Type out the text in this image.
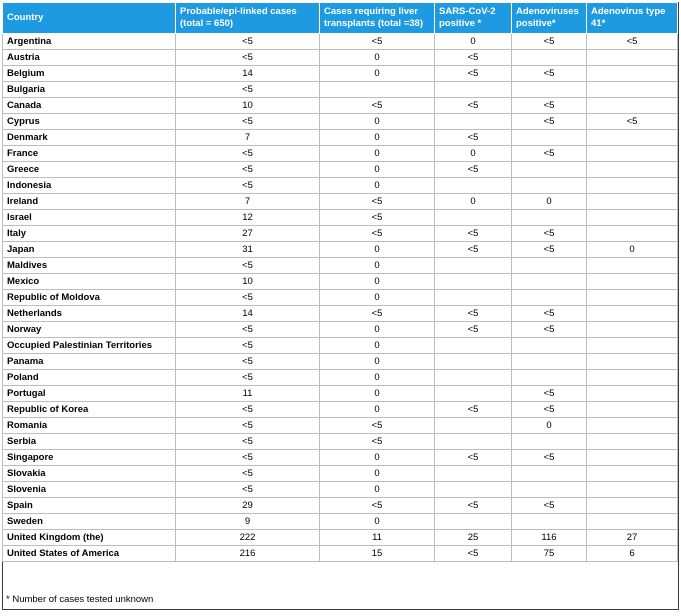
Country	Probable/epi-linked cases (total = 650)	Cases requiring liver transplants (total =38)	SARS-CoV-2 positive *	Adenoviruses positive*	Adenovirus type 41*
Argentina	<5	<5	0	<5	<5
Austria	<5	0	<5		
Belgium	14	0	<5	<5	
Bulgaria	<5				
Canada	10	<5	<5	<5	
Cyprus	<5	0		<5	<5
Denmark	7	0	<5		
France	<5	0	0	<5	
Greece	<5	0	<5		
Indonesia	<5	0			
Ireland	7	<5	0	0	
Israel	12	<5			
Italy	27	<5	<5	<5	
Japan	31	0	<5	<5	0
Maldives	<5	0			
Mexico	10	0			
Republic of Moldova	<5	0			
Netherlands	14	<5	<5	<5	
Norway	<5	0	<5	<5	
Occupied Palestinian Territories	<5	0			
Panama	<5	0			
Poland	<5	0			
Portugal	11	0		<5	
Republic of Korea	<5	0	<5	<5	
Romania	<5	<5		0	
Serbia	<5	<5			
Singapore	<5	0	<5	<5	
Slovakia	<5	0			
Slovenia	<5	0			
Spain	29	<5	<5	<5	
Sweden	9	0			
United Kingdom (the)	222	11	25	116	27
United States of America	216	15	<5	75	6
* Number of cases tested unknown
